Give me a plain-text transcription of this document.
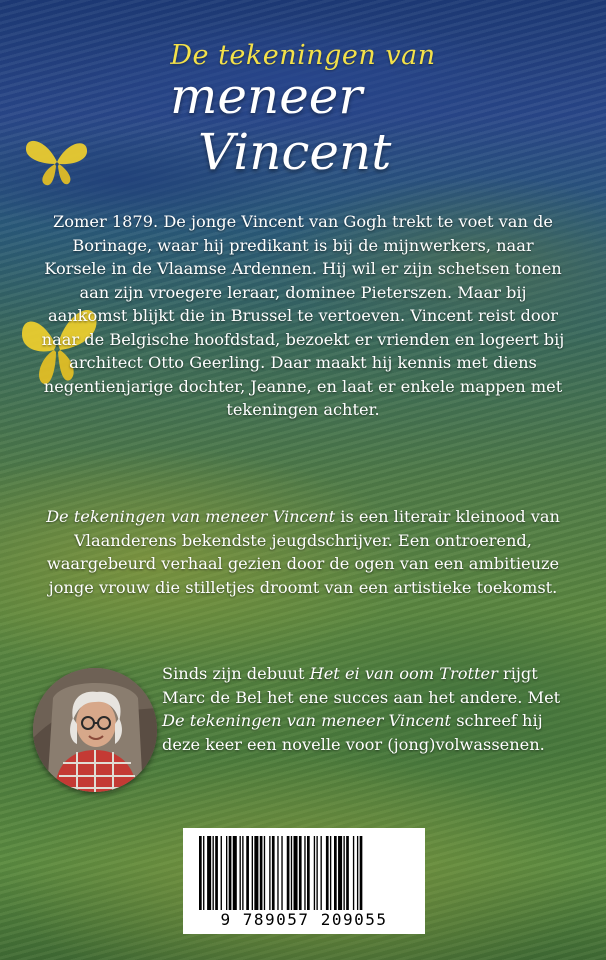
De tekeningen van
meneer
Vincent
Zomer 1879. De jonge Vincent van Gogh trekt te voet van de Borinage, waar hij predikant is bij de mijnwerkers, naar Korsele in de Vlaamse Ardennen. Hij wil er zijn schetsen tonen aan zijn vroegere leraar, dominee Pieterszen. Maar bij aankomst blijkt die in Brussel te vertoeven. Vincent reist door naar de Belgische hoofdstad, bezoekt er vrienden en logeert bij architect Otto Geerling. Daar maakt hij kennis met diens negentienjarige dochter, Jeanne, en laat er enkele mappen met tekeningen achter.
De tekeningen van meneer Vincent is een literair kleinood van Vlaanderens bekendste jeugdschrijver. Een ontroerend, waargebeurd verhaal gezien door de ogen van een ambitieuze jonge vrouw die stilletjes droomt van een artistieke toekomst.
Sinds zijn debuut Het ei van oom Trotter rijgt Marc de Bel het ene succes aan het andere. Met De tekeningen van meneer Vincent schreef hij deze keer een novelle voor (jong)volwassenen.
9 789057 209055
